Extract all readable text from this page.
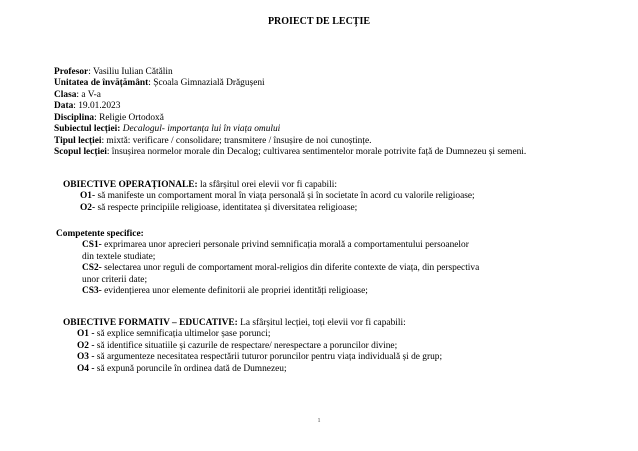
PROIECT DE LECȚIE
Profesor: Vasiliu Iulian Cătălin
Unitatea de învățământ: Școala Gimnazială Drăgușeni
Clasa: a V-a
Data: 19.01.2023
Disciplina: Religie Ortodoxă
Subiectul lecției: Decalogul- importanța lui în viața omului
Tipul lecției: mixtă: verificare / consolidare; transmitere / însușire de noi cunoștințe.
Scopul lecției: însușirea normelor morale din Decalog; cultivarea sentimentelor morale potrivite față de Dumnezeu și semeni.
OBIECTIVE OPERAȚIONALE: la sfârșitul orei elevii vor fi capabili:
O1- să manifeste un comportament moral în viața personală și în societate în acord cu valorile religioase;
O2- să respecte principiile religioase, identitatea și diversitatea religioase;
Competente specifice:
CS1- exprimarea unor aprecieri personale privind semnificația morală a comportamentului persoanelor
din textele studiate;
CS2- selectarea unor reguli de comportament moral-religios din diferite contexte de viața, din perspectiva
unor criterii date;
CS3- evidențierea unor elemente definitorii ale propriei identități religioase;
OBIECTIVE FORMATIV – EDUCATIVE: La sfârșitul lecției, toți elevii vor fi capabili:
O1 - să explice semnificația ultimelor șase porunci;
O2 - să identifice situatiile și cazurile de respectare/ nerespectare a poruncilor divine;
O3 - să argumenteze necesitatea respectării tuturor poruncilor pentru viața individuală și de grup;
O4 - să expună poruncile în ordinea dată de Dumnezeu;
1
